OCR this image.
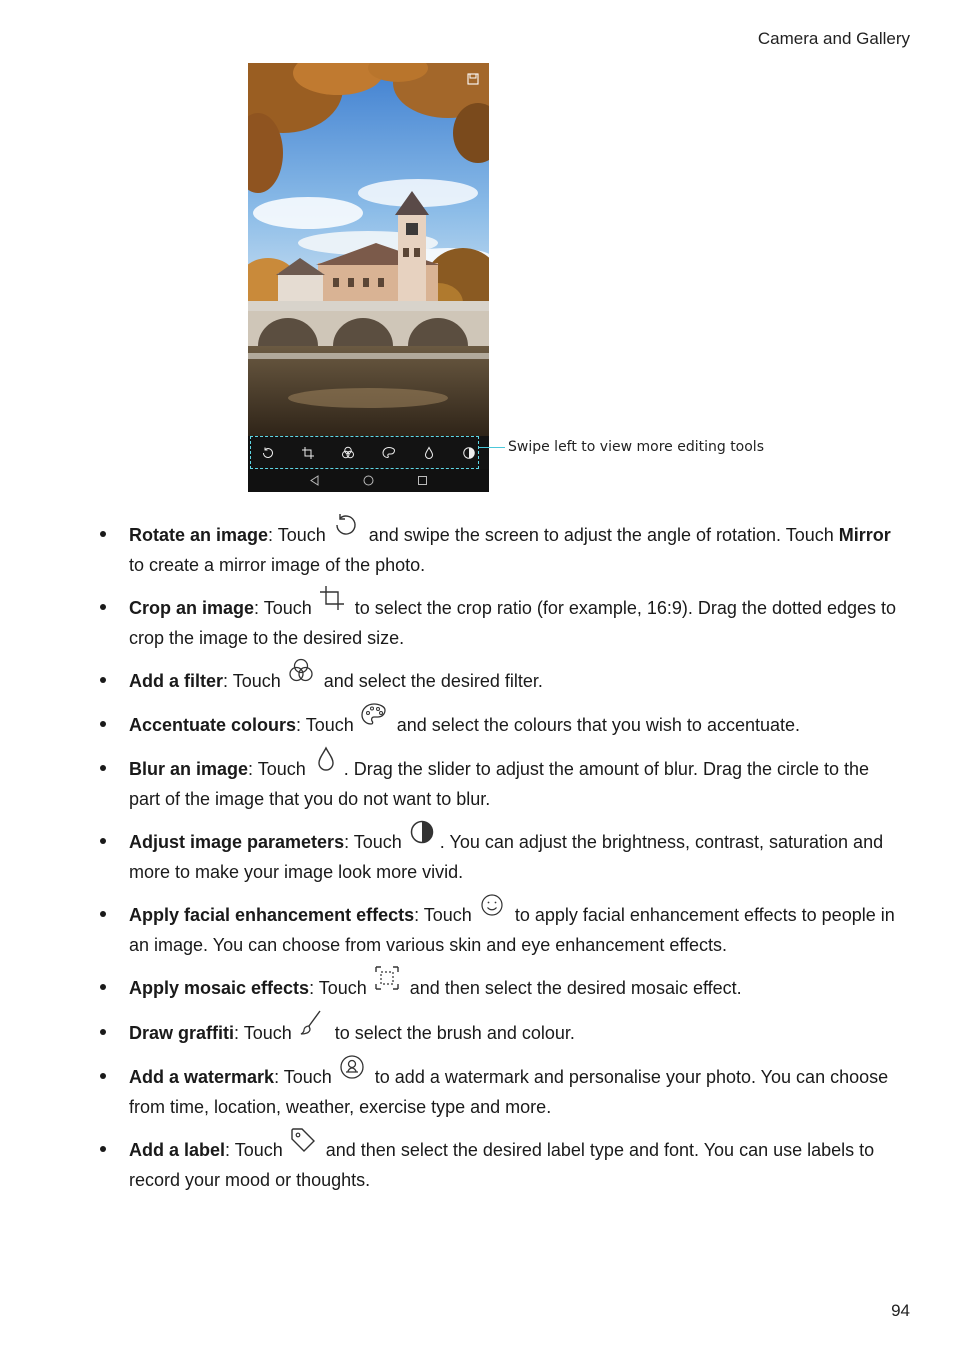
Camera and Gallery
Swipe left to view more editing tools
Rotate an image: Touch and swipe the screen to adjust the angle of rotation. Touch Mirror to create a mirror image of the photo.
Crop an image: Touch to select the crop ratio (for example, 16:9). Drag the dotted edges to crop the image to the desired size.
Add a filter: Touch and select the desired filter.
Accentuate colours: Touch and select the colours that you wish to accentuate.
Blur an image: Touch . Drag the slider to adjust the amount of blur. Drag the circle to the part of the image that you do not want to blur.
Adjust image parameters: Touch . You can adjust the brightness, contrast, saturation and more to make your image look more vivid.
Apply facial enhancement effects: Touch to apply facial enhancement effects to people in an image. You can choose from various skin and eye enhancement effects.
Apply mosaic effects: Touch and then select the desired mosaic effect.
Draw graffiti: Touch to select the brush and colour.
Add a watermark: Touch to add a watermark and personalise your photo. You can choose from time, location, weather, exercise type and more.
Add a label: Touch and then select the desired label type and font. You can use labels to record your mood or thoughts.
94
